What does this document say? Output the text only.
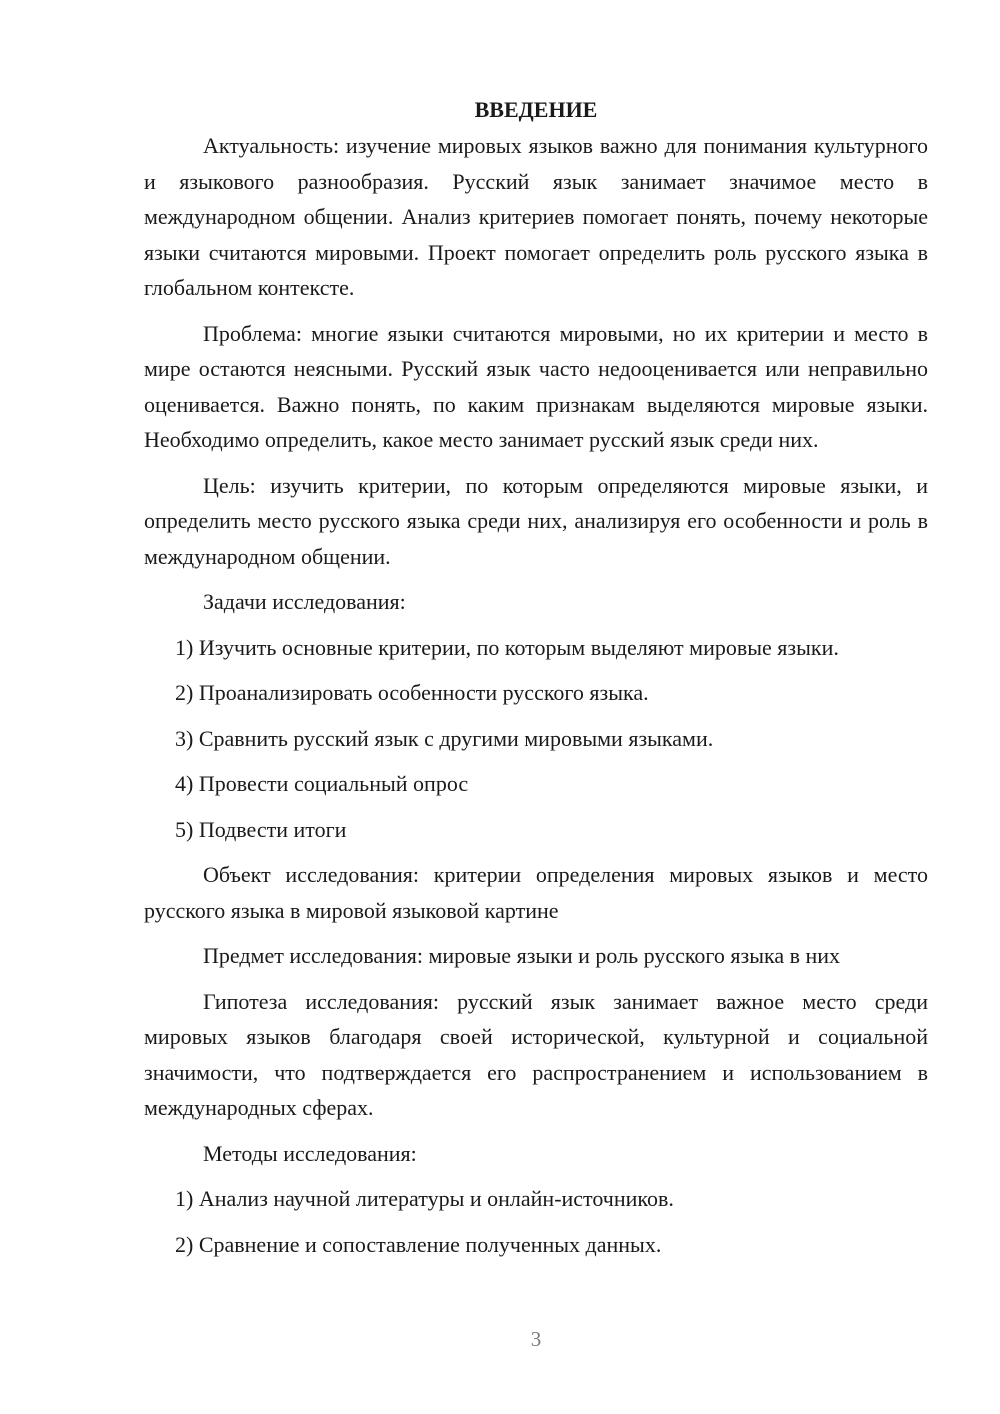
ВВЕДЕНИЕ

Актуальность: изучение мировых языков важно для понимания культурного и языкового разнообразия. Русский язык занимает значимое место в международном общении. Анализ критериев помогает понять, почему некоторые языки считаются мировыми. Проект помогает определить роль русского языка в глобальном контексте.

Проблема: многие языки считаются мировыми, но их критерии и место в мире остаются неясными. Русский язык часто недооценивается или неправильно оценивается. Важно понять, по каким признакам выделяются мировые языки. Необходимо определить, какое место занимает русский язык среди них.

Цель: изучить критерии, по которым определяются мировые языки, и определить место русского языка среди них, анализируя его особенности и роль в международном общении.

Задачи исследования:

1) Изучить основные критерии, по которым выделяют мировые языки.

2) Проанализировать особенности русского языка.

3) Сравнить русский язык с другими мировыми языками.

4) Провести социальный опрос

5) Подвести итоги

Объект исследования: критерии определения мировых языков и место русского языка в мировой языковой картине

Предмет исследования: мировые языки и роль русского языка в них

Гипотеза исследования: русский язык занимает важное место среди мировых языков благодаря своей исторической, культурной и социальной значимости, что подтверждается его распространением и использованием в международных сферах.

Методы исследования:

1) Анализ научной литературы и онлайн-источников.

2) Сравнение и сопоставление полученных данных.

3
